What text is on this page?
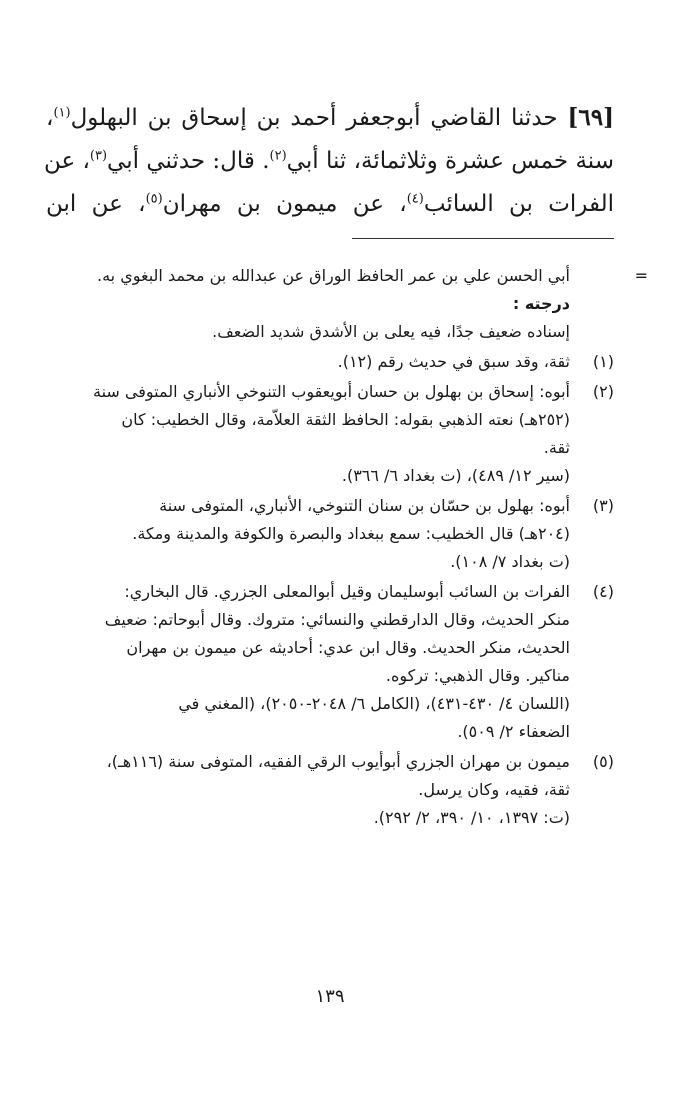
[٦٩] حدثنا القاضي أبوجعفر أحمد بن إسحاق بن البهلول$^{(١)}$،
سنة خمس عشرة وثلاثمائة، ثنا أبي$^{(٢)}$. قال: حدثني أبي$^{(٣)}$، عن
الفرات بن السائب$^{(٤)}$، عن ميمون بن مهران$^{(٥)}$، عن ابن
=
أبي الحسن علي بن عمر الحافظ الوراق عن عبدالله بن محمد البغوي به.
درجته :
إسناده ضعيف جدًا، فيه يعلى بن الأشدق شديد الضعف.
(١)
ثقة، وقد سبق في حديث رقم (١٢).
(٢)
أبوه: إسحاق بن بهلول بن حسان أبويعقوب التنوخي الأنباري المتوفى سنة
(٢٥٢هـ) نعته الذهبي بقوله: الحافظ الثقة العلاّمة، وقال الخطيب: كان
ثقة.
(سير ١٢/ ٤٨٩)، (ت بغداد ٦/ ٣٦٦).
(٣)
أبوه: بهلول بن حسّان بن سنان التنوخي، الأنباري، المتوفى سنة
(٢٠٤هـ) قال الخطيب: سمع ببغداد والبصرة والكوفة والمدينة ومكة.
(ت بغداد ٧/ ١٠٨).
(٤)
الفرات بن السائب أبوسليمان وقيل أبوالمعلى الجزري. قال البخاري:
منكر الحديث، وقال الدارقطني والنسائي: متروك. وقال أبوحاتم: ضعيف
الحديث، منكر الحديث. وقال ابن عدي: أحاديثه عن ميمون بن مهران
مناكير. وقال الذهبي: تركوه.
(اللسان ٤/ ٤٣٠-٤٣١)، (الكامل ٦/ ٢٠٤٨-٢٠٥٠)، (المغني في
الضعفاء ٢/ ٥٠٩).
(٥)
ميمون بن مهران الجزري أبوأيوب الرقي الفقيه، المتوفى سنة (١١٦هـ)،
ثقة، فقيه، وكان يرسل.
(ت: ١٣٩٧، ١٠/ ٣٩٠، ٢/ ٢٩٢).
١٣٩
